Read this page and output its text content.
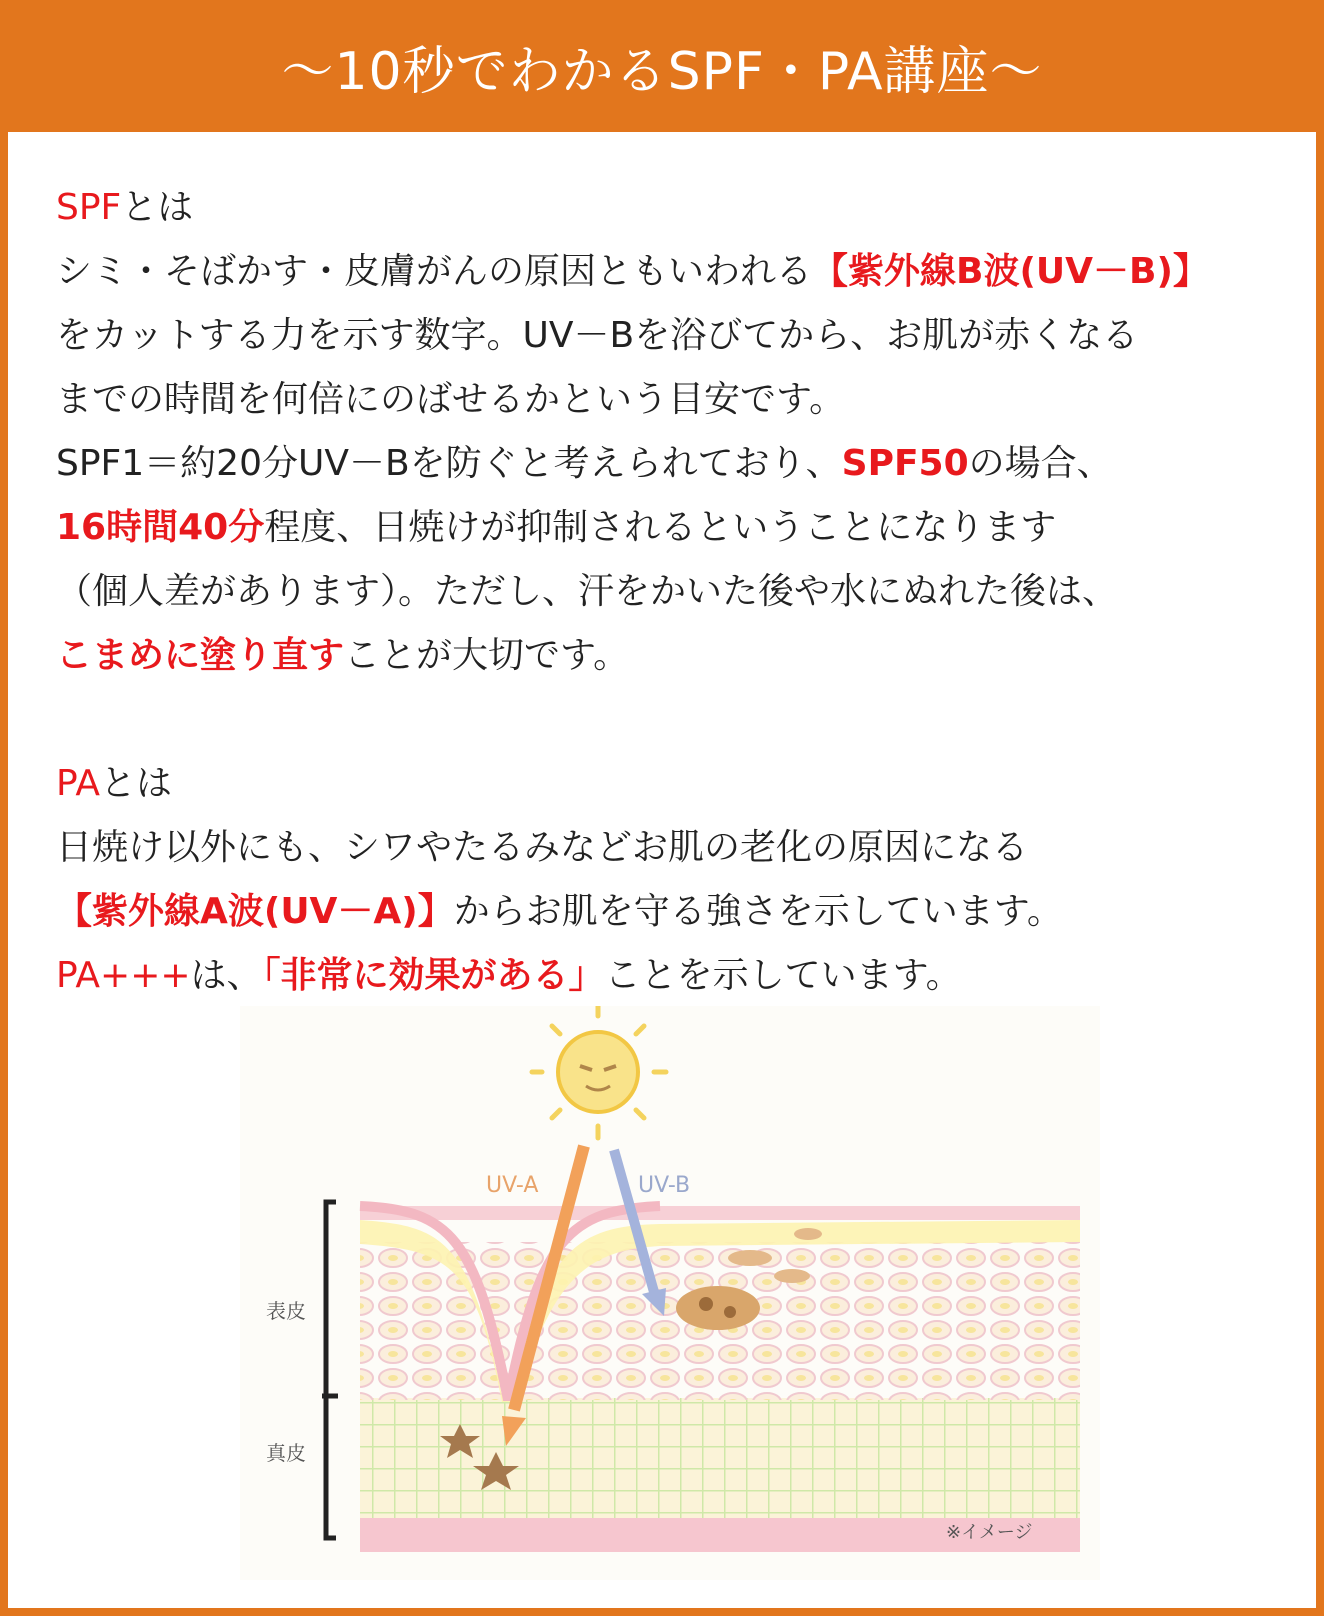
～10秒でわかるSPF・PA講座～
SPFとは
シミ・そばかす・皮膚がんの原因ともいわれる【紫外線B波(UV－B)】
をカットする力を示す数字。UV－Bを浴びてから、お肌が赤くなる
までの時間を何倍にのばせるかという目安です。
SPF1＝約20分UV－Bを防ぐと考えられており、SPF50の場合、
16時間40分程度、日焼けが抑制されるということになります
（個人差があります）。ただし、汗をかいた後や水にぬれた後は、
こまめに塗り直すことが大切です。
PAとは
日焼け以外にも、シワやたるみなどお肌の老化の原因になる
【紫外線A波(UV－A)】からお肌を守る強さを示しています。
PA+++は、「非常に効果がある」ことを示しています。
UV-A	UV-B
表皮
真皮
※イメージ
